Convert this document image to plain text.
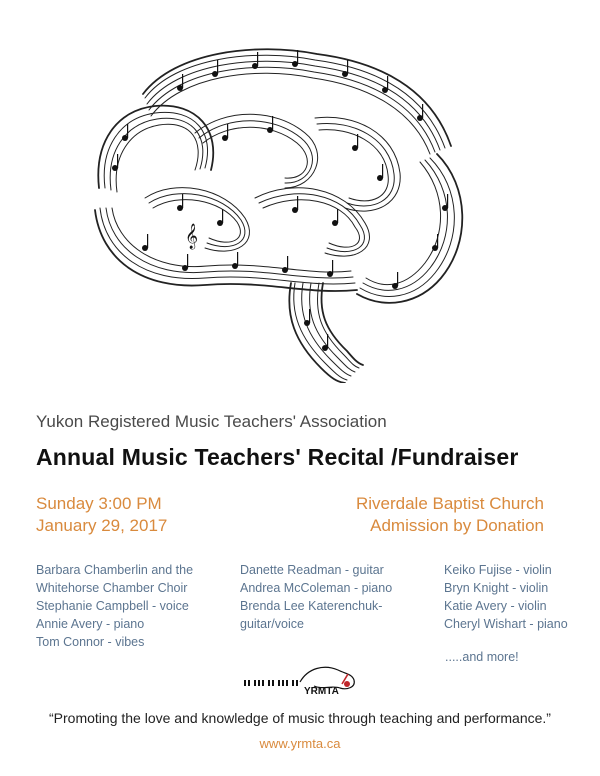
𝄞
Yukon Registered Music Teachers' Association
Annual Music Teachers' Recital /Fundraiser
Sunday 3:00 PM
January 29, 2017
Riverdale Baptist Church
Admission by Donation
Barbara Chamberlin and the
Whitehorse Chamber Choir
Stephanie Campbell - voice
Annie Avery - piano
Tom Connor - vibes
Danette Readman - guitar
Andrea McColeman - piano
Brenda Lee Katerenchuk-
guitar/voice
Keiko Fujise - violin
Bryn Knight - violin
Katie Avery - violin
Cheryl Wishart - piano
.....and more!
YRMTA
“Promoting the love and knowledge of music through teaching and performance.”
www.yrmta.ca
